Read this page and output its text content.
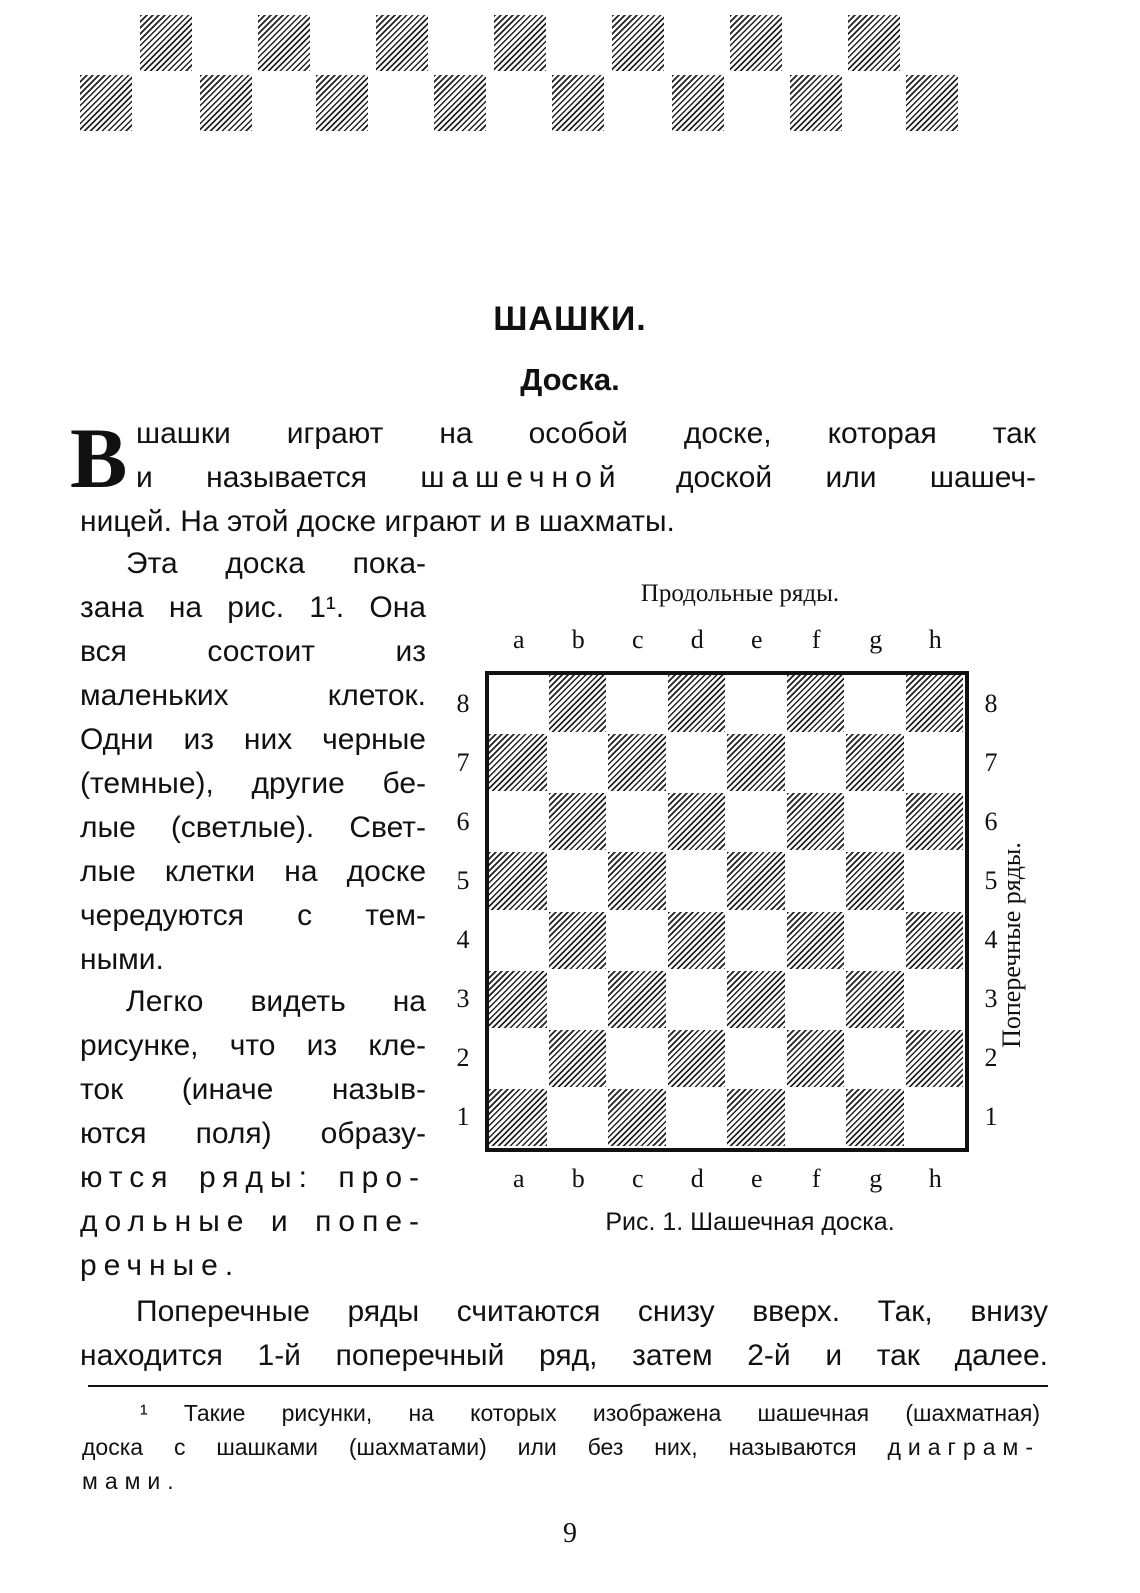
ШАШКИ.
Доска.
В шашки играют на особой доске, которая так
и называется шашечной доской или шашеч-
ницей. На этой доске играют и в шахматы.
Эта доска пока-
зана на рис. 1¹. Она
вся состоит из
маленьких клеток.
Одни из них черные
(темные), другие бе-
лые (светлые). Свет-
лые клетки на доске
чередуются с тем-
ными.
Легко видеть на
рисунке, что из кле-
ток (иначе назыв-
ются поля) образу-
ются ряды: про-
дольные и попе-
речные.
Продольные ряды.
a	b	c	d	e	f	g	h
a	b	c	d	e	f	g	h
8
7
6
5
4
3
2
1
8
7
6
5
4
3
2
1
Поперечные ряды.
Рис. 1. Шашечная доска.
Поперечные ряды считаются снизу вверх. Так, внизу
находится 1-й поперечный ряд, затем 2-й и так далее.
¹ Такие рисунки, на которых изображена шашечная (шахматная)
доска с шашками (шахматами) или без них, называются диаграм-
мами.
9
